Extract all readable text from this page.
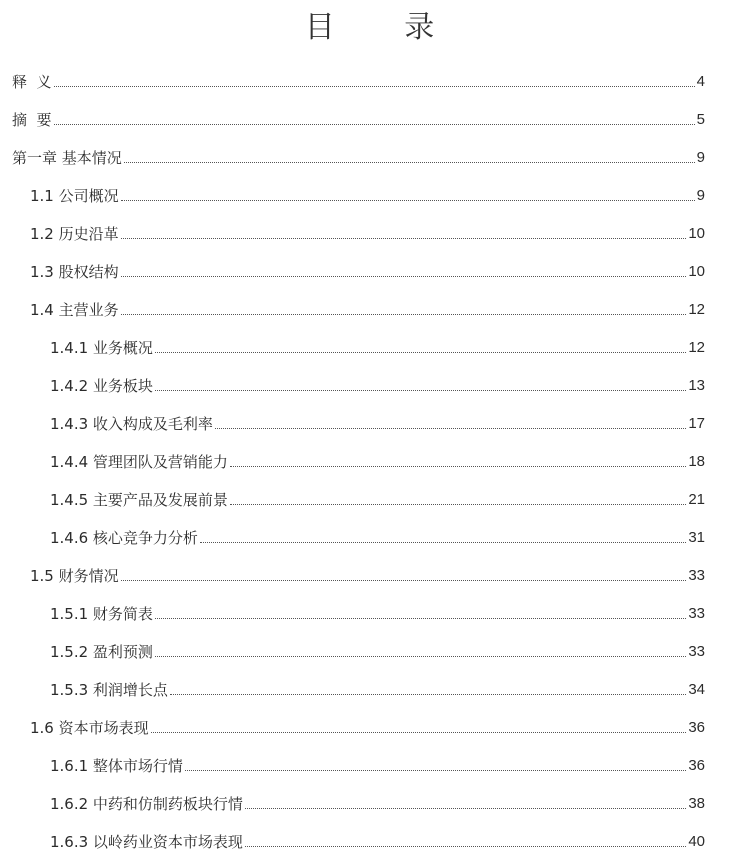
目 录
释  义	4
摘  要	5
第一章 基本情况	9
1.1 公司概况	9
1.2 历史沿革	10
1.3 股权结构	10
1.4 主营业务	12
1.4.1 业务概况	12
1.4.2 业务板块	13
1.4.3 收入构成及毛利率	17
1.4.4 管理团队及营销能力	18
1.4.5 主要产品及发展前景	21
1.4.6 核心竞争力分析	31
1.5 财务情况	33
1.5.1 财务简表	33
1.5.2 盈利预测	33
1.5.3 利润增长点	34
1.6 资本市场表现	36
1.6.1 整体市场行情	36
1.6.2 中药和仿制药板块行情	38
1.6.3 以岭药业资本市场表现	40
